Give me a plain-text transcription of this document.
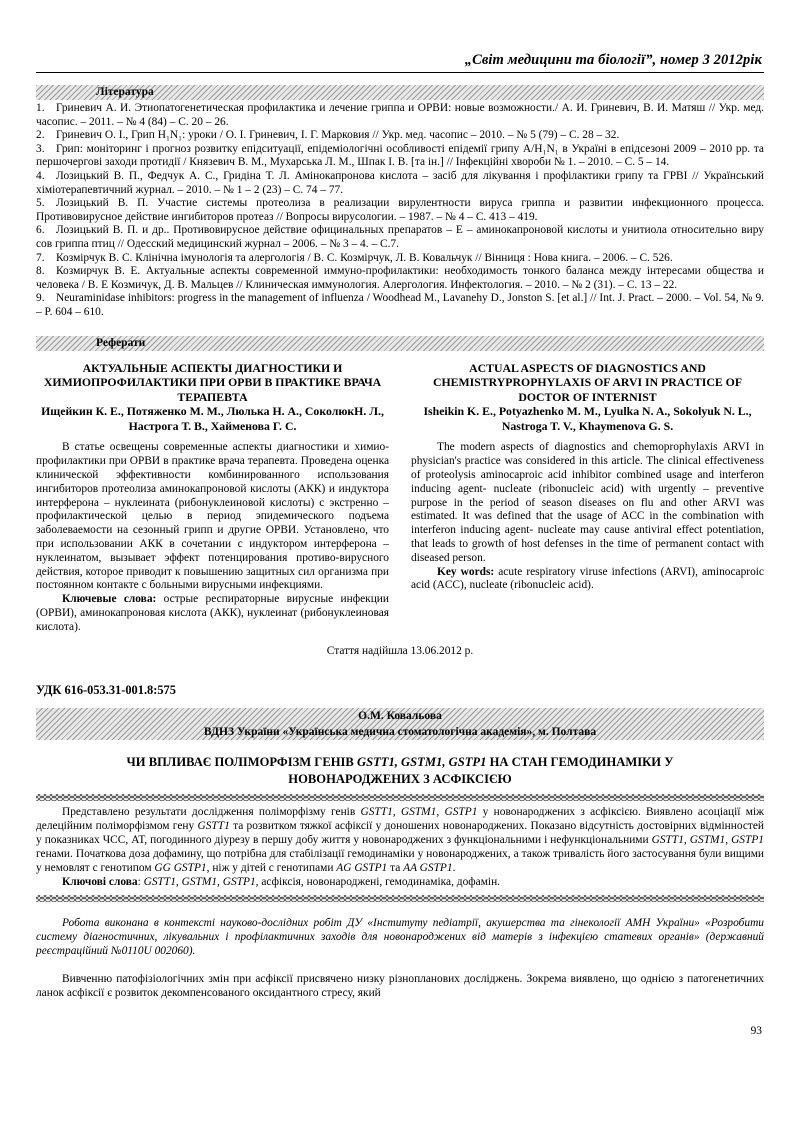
„Світ медицини та біології”, номер 3 2012рік
Література
1. Гриневич А. И. Этиопатогенетическая профилактика и лечение гриппа и ОРВИ: новые возможности./ А. И. Гриневич, В. И. Матяш // Укр. мед. часопис. – 2011. – № 4 (84) – С. 20 – 26.
2. Гриневич О. І., Грип H₁N₁: уроки / О. І. Гриневич, І. Г. Марковия // Укр. мед. часопис – 2010. – № 5 (79) – С. 28 – 32.
3. Грип: моніторинг і прогноз розвитку епідситуації, епідеміологічні особливості епідемії грипу A/H₁N₁ в Україні в епідсезоні 2009 – 2010 рр. та першочергові заходи протидії / Князевич В. М., Мухарська Л. М., Шпак І. В. [та ін.] // Інфекційні хвороби № 1. – 2010. – С. 5 – 14.
4. Лозицький В. П., Федчук А. С., Гридіна Т. Л. Амінокапронова кислота – засіб для лікування і профілактики грипу та ГРВІ // Український хіміотерапевтичний журнал. – 2010. – № 1 – 2 (23) – С. 74 – 77.
5. Лозицький В. П. Участие системы протеолиза в реализации вирулентности вируса гриппа и развитии инфекционного процесса. Противовирусное действие ингибиторов протеаз // Вопросы вирусологии. – 1987. – № 4 – С. 413 – 419.
6. Лозицький В. П. и др.. Противовирусное действие официнальных препаратов – Е – аминокапроновой кислоты и унитиола относительно виру сов гриппа птиц // Одесский медицинский журнал – 2006. – № 3 – 4. – С.7.
7. Козмірчук В. С. Клінічна імунологія та алергологія / В. С. Козмірчук, Л. В. Ковальчук // Вінниця : Нова книга. – 2006. – С. 526.
8. Козмирчук В. Е. Актуальные аспекты современной иммуно-профилактики: необходимость тонкого баланса между інтересами общества и человека / В. Е Козмичук, Д. В. Мальцев // Клиническая иммунология. Алергология. Инфектология. – 2010. – № 2 (31). – С. 13 – 22.
9. Neuraminidase inhibitors: progress in the management of influenza / Woodhead M., Lavanehy D., Jonston S. [et al.] // Int. J. Pract. – 2000. – Vol. 54, № 9. – P. 604 – 610.
Реферати
АКТУАЛЬНЫЕ АСПЕКТЫ ДИАГНОСТИКИ И ХИМИОПРОФИЛАКТИКИ ПРИ ОРВИ В ПРАКТИКЕ ВРАЧА ТЕРАПЕВТА
Ищейкин К. Е., Потяженко М. М., Люлька Н. А., СоколюкН. Л., Настрога Т. В., Хайменова Г. С.
В статье освещены современные аспекты диагностики и химио-профилактики при ОРВИ в практике врача терапевта. Проведена оценка клинической эффективности комбинированного использования ингибиторов протеолиза аминокапроновой кислоты (АКК) и индуктора интерферона – нуклеината (рибонуклеиновой кислоты) с экстренно – профилактической целью в период эпидемического подъема заболеваемости на сезонный грипп и другие ОРВИ. Установлено, что при использовании АКК в сочетании с индуктором интерферона – нуклеинатом, вызывает эффект потенцирования противо-вирусного действия, которое приводит к повышению защитных сил организма при постоянном контакте с больными вирусными инфекциями.
Ключевые слова: острые респираторные вирусные инфекции (ОРВИ), аминокапроновая кислота (АКК), нуклеинат (рибонуклеиновая кислота).
ACTUAL ASPECTS OF DIAGNOSTICS AND CHEMISTRYPROPHYLAXIS OF ARVI IN PRACTICE OF DOCTOR OF INTERNIST
Isheikin K. E., Potyazhenko M. M., Lyulka N. A., Sokolyuk N. L., Nastroga T. V., Khaymenova G. S.
The modern aspects of diagnostics and chemoprophylaxis ARVI in physician's practice was considered in this article. The clinical effectiveness of proteolysis aminocaproic acid inhibitor combined usage and interferon inducing agent- nucleate (ribonucleic acid) with urgently – preventive purpose in the period of season diseases on flu and other ARVI was estimated. It was defined that the usage of ACC in the combination with interferon inducing agent- nucleate may cause antiviral effect potentiation, that leads to growth of host defenses in the time of permanent contact with diseased person.
Key words: acute respiratory viruse infections (ARVI), aminocaproic acid (ACC), nucleate (ribonucleic acid).
Стаття надійшла 13.06.2012 р.
УДК 616-053.31-001.8:575
О.М. Ковальова
ВДНЗ України «Українська медична стоматологічна академія», м. Полтава
ЧИ ВПЛИВАЄ ПОЛІМОРФІЗМ ГЕНІВ GSTT1, GSTM1, GSTP1 НА СТАН ГЕМОДИНАМІКИ У НОВОНАРОДЖЕНИХ З АСФІКСІЄЮ
Представлено результати дослідження поліморфізму генів GSTT1, GSTM1, GSTP1 у новонароджених з асфіксією. Виявлено асоціації між делеційним поліморфізмом гену GSTT1 та розвитком тяжкої асфіксії у доношених новонароджених. Показано відсутність достовірних відмінностей у показниках ЧСС, АТ, погодинного діурезу в першу добу життя у новонароджених з функціональними і нефункціональними GSTT1, GSTM1, GSTP1 генами. Початкова доза дофамину, що потрібна для стабілізації гемодинаміки у новонароджених, а також тривалість його застосування були вищими у немовлят с генотипом GG GSTP1, ніж у дітей с генотипами AG GSTP1 та AA GSTP1.
Ключові слова: GSTT1, GSTM1, GSTP1, асфіксія, новонароджені, гемодинаміка, дофамін.
Робота виконана в контексті науково-дослідних робіт ДУ «Інституту педіатрії, акушерства та гінекології АМН України» «Розробити систему діагностичних, лікувальних і профілактичних заходів для новонароджених від матерів з інфекцією статевих органів» (державний реєстраційний №0110U 002060).
Вивченню патофізіологічних змін при асфіксії присвячено низку різнопланових досліджень. Зокрема виявлено, що однією з патогенетичних ланок асфіксії є розвиток декомпенсованого оксидантного стресу, який
93
